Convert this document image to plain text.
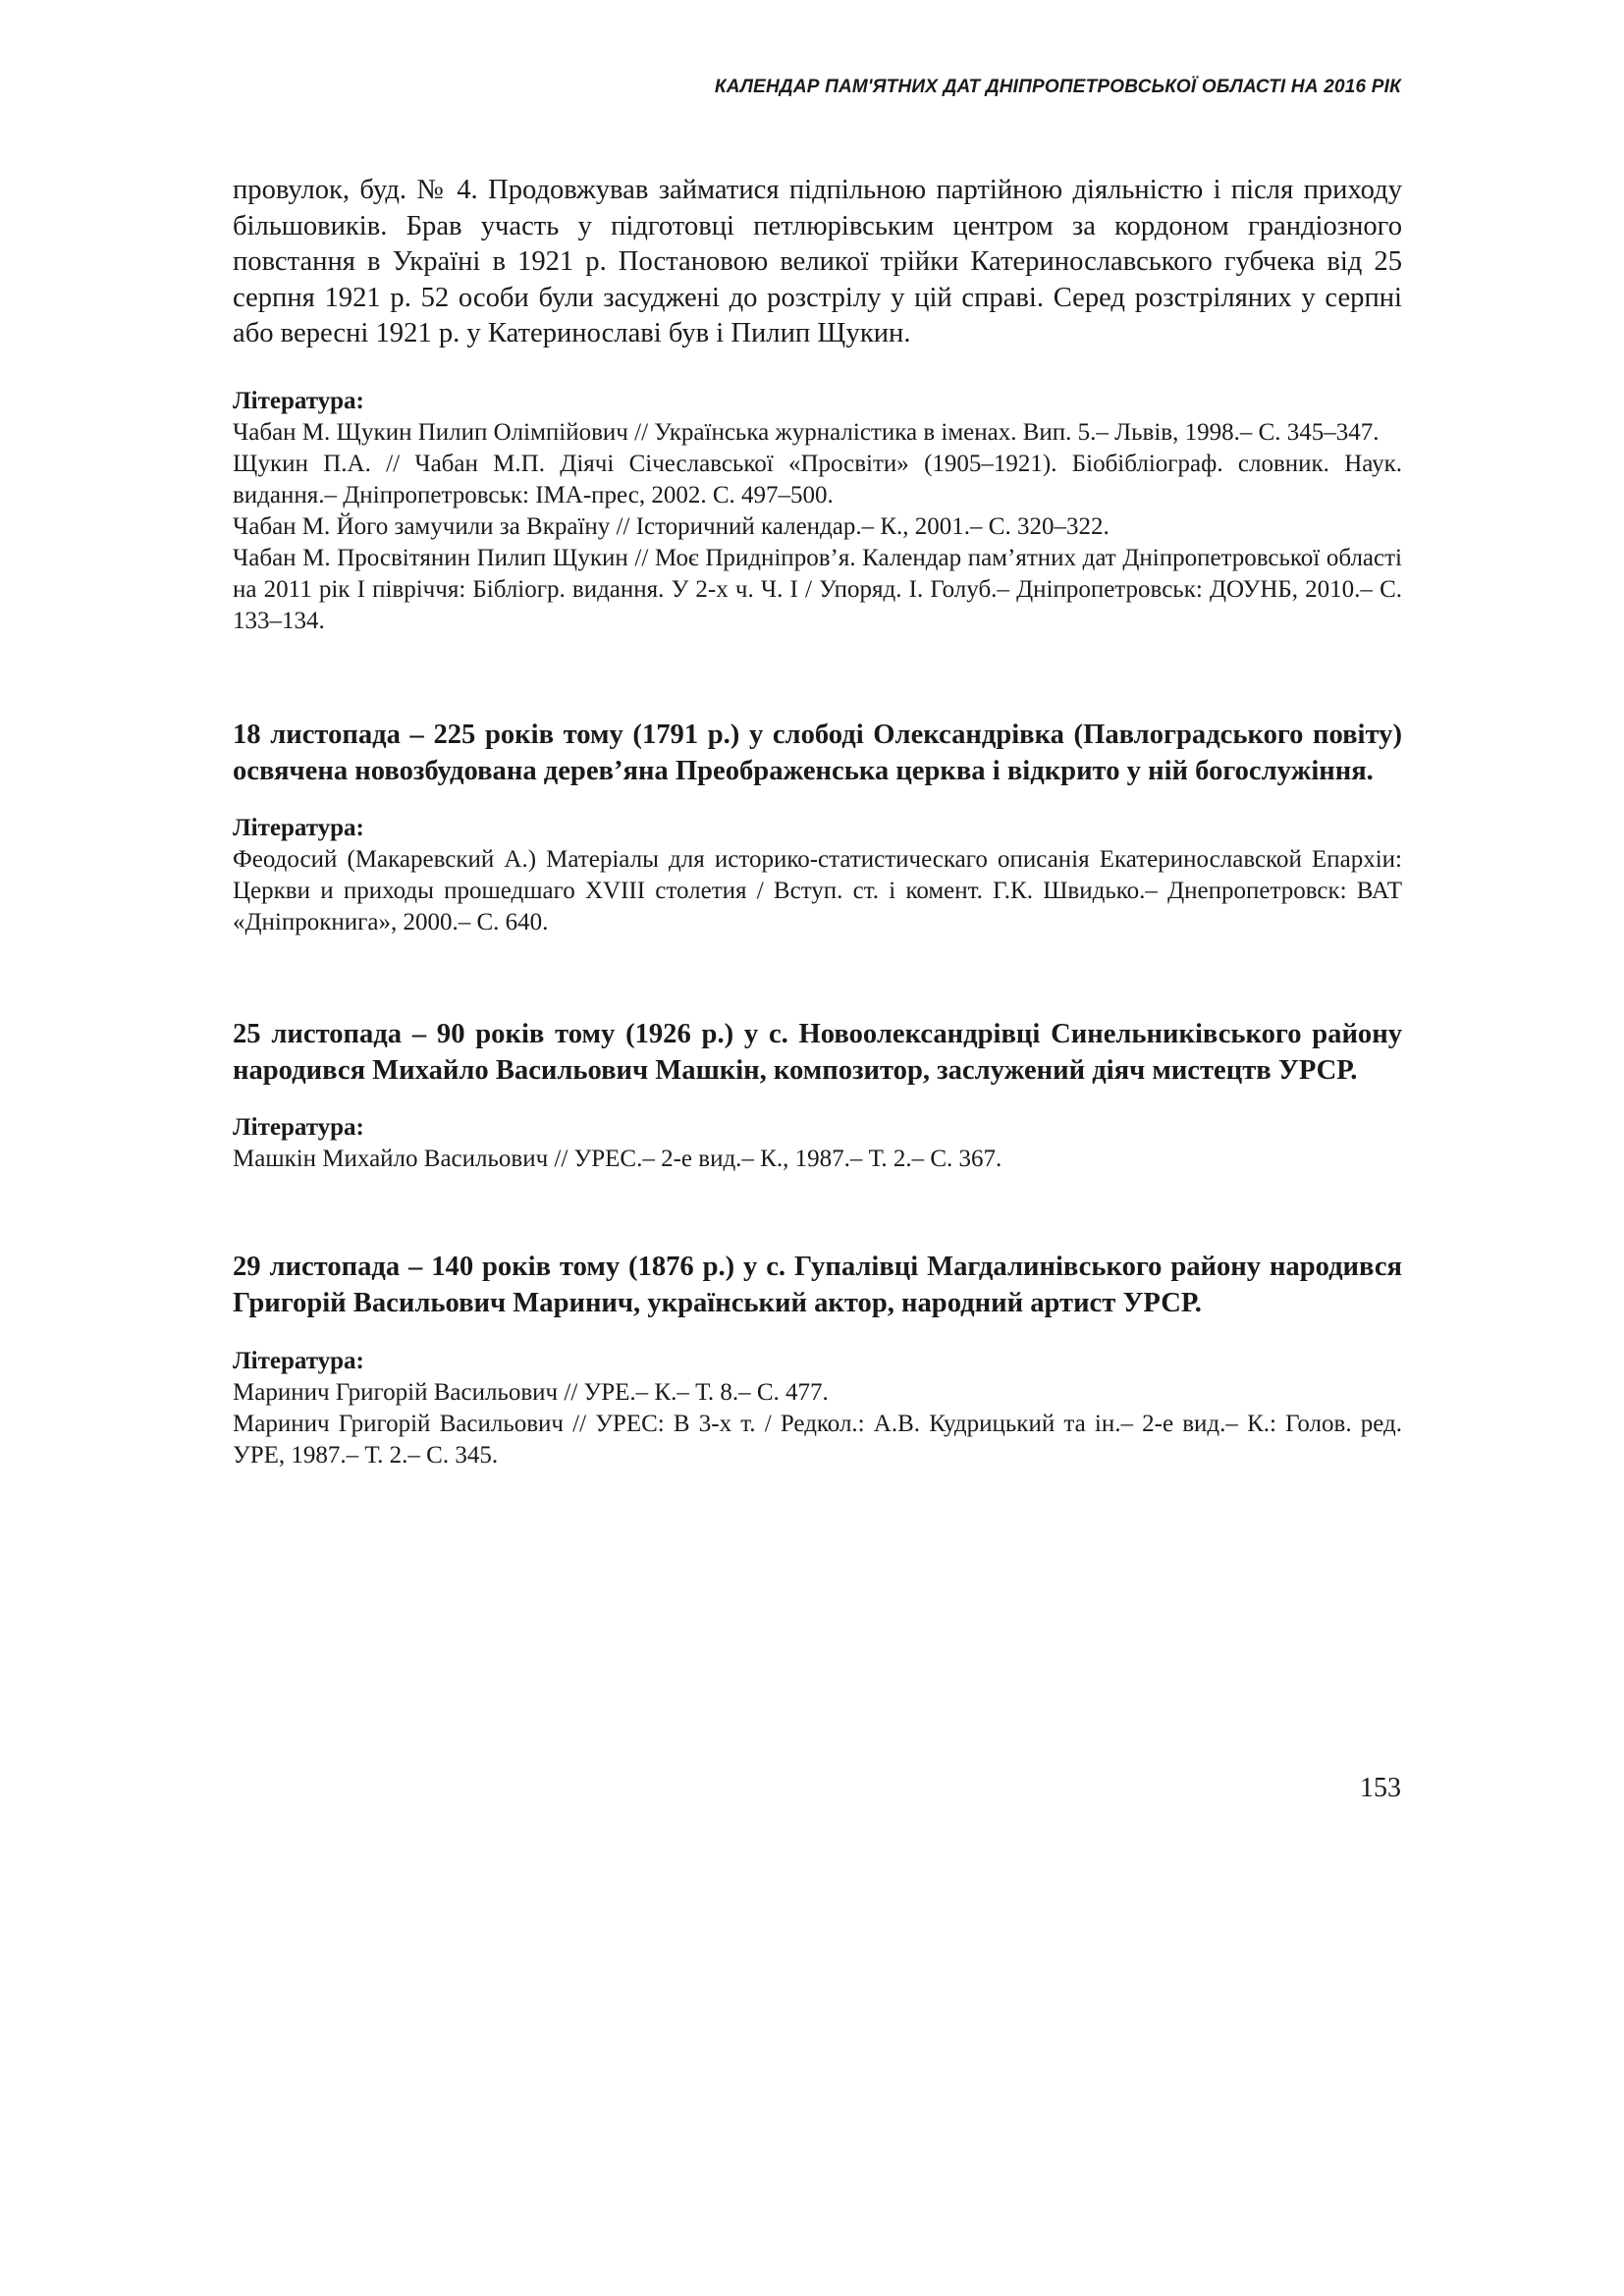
КАЛЕНДАР ПАМ'ЯТНИХ ДАТ ДНІПРОПЕТРОВСЬКОЇ ОБЛАСТІ НА 2016 РІК

провулок, буд. № 4. Продовжував займатися підпільною партійною діяльністю і після приходу більшовиків. Брав участь у підготовці петлюрівським центром за кордоном грандіозного повстання в Україні в 1921 р. Постановою великої трійки Катеринославського губчека від 25 серпня 1921 р. 52 особи були засуджені до розстрілу у цій справі. Серед розстріляних у серпні або вересні 1921 р. у Катеринославі був і Пилип Щукин.

Література:
Чабан М. Щукин Пилип Олімпійович // Українська журналістика в іменах. Вип. 5.– Львів, 1998.– С. 345–347.
Щукин П.А. // Чабан М.П. Діячі Січеславської «Просвіти» (1905–1921). Біобібліограф. словник. Наук. видання.– Дніпропетровськ: ІМА-прес, 2002. С. 497–500.
Чабан М. Його замучили за Вкраїну // Історичний календар.– К., 2001.– С. 320–322.
Чабан М. Просвітянин Пилип Щукин // Моє Придніпров’я. Календар пам’ятних дат Дніпропетровської області на 2011 рік І півріччя: Бібліогр. видання. У 2-х ч. Ч. І / Упоряд. І. Голуб.– Дніпропетровськ: ДОУНБ, 2010.– С. 133–134.
18 листопада – 225 років тому (1791 р.) у слободі Олександрівка (Павлоградського повіту) освячена новозбудована дерев’яна Преображенська церква і відкрито у ній богослужіння.
Література:
Феодосий (Макаревский А.) Матеріалы для историко-статистическаго описанія Екатеринославской Епархіи: Церкви и приходы прошедшаго XVIII столетия / Вступ. ст. і комент. Г.К. Швидько.– Днепропетровск: ВАТ «Дніпрокнига», 2000.– С. 640.
25 листопада – 90 років тому (1926 р.) у с. Новоолександрівці Синельниківського району народився Михайло Васильович Машкін, композитор, заслужений діяч мистецтв УРСР.
Література:
Машкін Михайло Васильович // УРЕС.– 2-е вид.– К., 1987.– Т. 2.– С. 367.
29 листопада – 140 років тому (1876 р.) у с. Гупалівці Магдалинівського району народився Григорій Васильович Маринич, український актор, народний артист УРСР.
Література:
Маринич Григорій Васильович // УРЕ.– К.– Т. 8.– С. 477.
Маринич Григорій Васильович // УРЕС: В 3-х т. / Редкол.: А.В. Кудрицький та ін.– 2-е вид.– К.: Голов. ред. УРЕ, 1987.– Т. 2.– С. 345.
153
